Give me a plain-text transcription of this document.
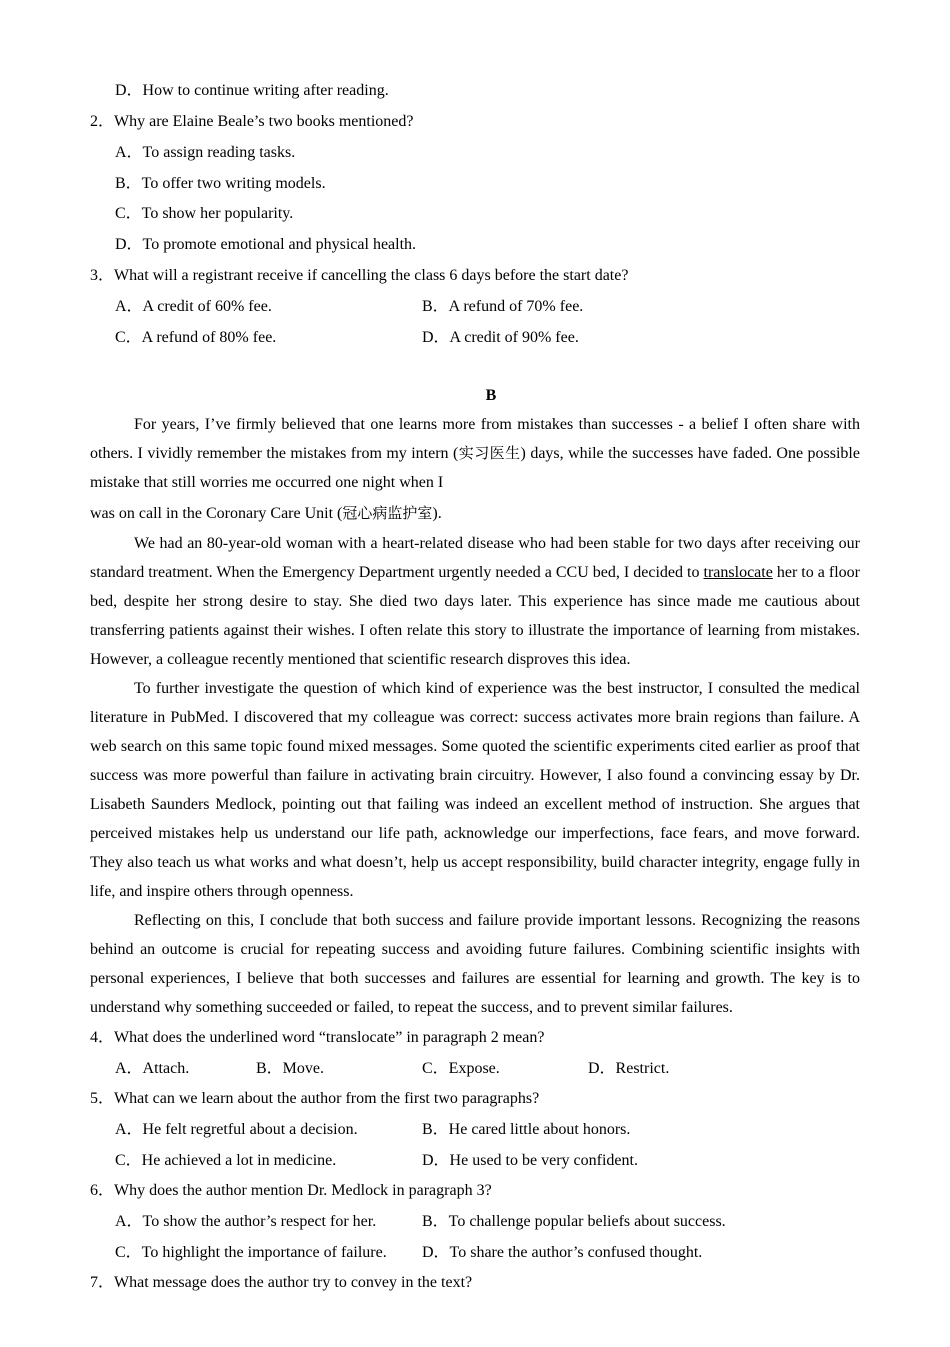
D．How to continue writing after reading.
2．Why are Elaine Beale’s two books mentioned?
A．To assign reading tasks.
B．To offer two writing models.
C．To show her popularity.
D．To promote emotional and physical health.
3．What will a registrant receive if cancelling the class 6 days before the start date?
A．A credit of 60% fee.	B．A refund of 70% fee.
C．A refund of 80% fee.	D．A credit of 90% fee.
B
For years, I’ve firmly believed that one learns more from mistakes than successes - a belief I often share with others. I vividly remember the mistakes from my intern (实习医生) days, while the successes have faded. One possible mistake that still worries me occurred one night when I
was on call in the Coronary Care Unit (冠心病监护室).
We had an 80-year-old woman with a heart-related disease who had been stable for two days after receiving our standard treatment. When the Emergency Department urgently needed a CCU bed, I decided to translocate her to a floor bed, despite her strong desire to stay. She died two days later. This experience has since made me cautious about transferring patients against their wishes. I often relate this story to illustrate the importance of learning from mistakes. However, a colleague recently mentioned that scientific research disproves this idea.
To further investigate the question of which kind of experience was the best instructor, I consulted the medical literature in PubMed. I discovered that my colleague was correct: success activates more brain regions than failure. A web search on this same topic found mixed messages. Some quoted the scientific experiments cited earlier as proof that success was more powerful than failure in activating brain circuitry. However, I also found a convincing essay by Dr. Lisabeth Saunders Medlock, pointing out that failing was indeed an excellent method of instruction. She argues that perceived mistakes help us understand our life path, acknowledge our imperfections, face fears, and move forward. They also teach us what works and what doesn’t, help us accept responsibility, build character integrity, engage fully in life, and inspire others through openness.
Reflecting on this, I conclude that both success and failure provide important lessons. Recognizing the reasons behind an outcome is crucial for repeating success and avoiding future failures. Combining scientific insights with personal experiences, I believe that both successes and failures are essential for learning and growth. The key is to understand why something succeeded or failed, to repeat the success, and to prevent similar failures.
4．What does the underlined word “translocate” in paragraph 2 mean?
A．Attach.	B．Move.	C．Expose.	D．Restrict.
5．What can we learn about the author from the first two paragraphs?
A．He felt regretful about a decision.	B．He cared little about honors.
C．He achieved a lot in medicine.	D．He used to be very confident.
6．Why does the author mention Dr. Medlock in paragraph 3?
A．To show the author’s respect for her.	B．To challenge popular beliefs about success.
C．To highlight the importance of failure. D．To share the author’s confused thought.
7．What message does the author try to convey in the text?
